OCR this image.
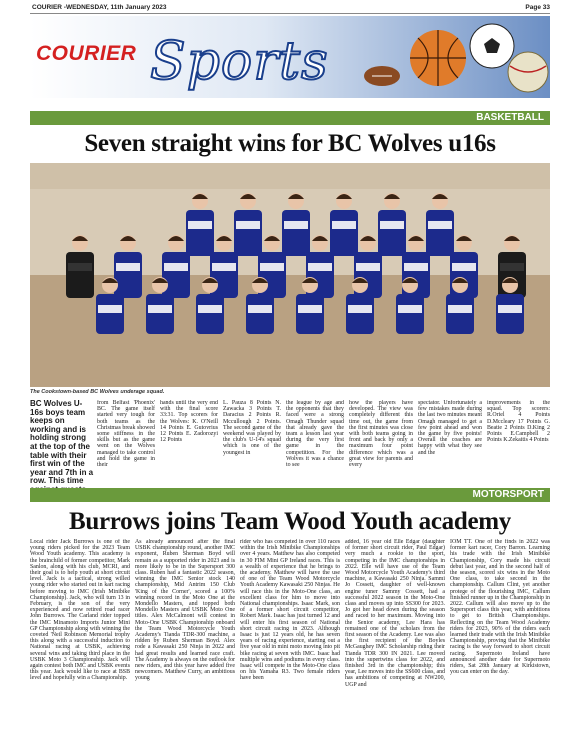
COURIER -WEDNESDAY, 11th January 2023	Page 33
COURIER Sports
BASKETBALL
Seven straight wins for BC Wolves u16s
The Cookstown-based BC Wolves underage squad.

BC Wolves U-16s boys team keeps on working and is holding strong at the top of the table with their first win of the year and 7th in a row. This time

from Belfast 'Phoenix' BC. The game itself started very tough for both teams as the Christmas break showed some stiffness in the skills but as the game went on the Wolves managed to take control and hold the game in their
hands until the very end with the final score 33:31. Top scorers for the Wolves: K. O'Neill 14 Points E. Gutovrius 12 Points E. Zadorozyi 12 Points
L. Pauza 8 Points N. Zawacka 3 Points T. Daracius 2 Points R. Mccullough 2 Points. The second game of the weekend was played by the club's U-14's squad which is one of the youngest in
the league by age and the opponents that they faced were a strong Omagh Thunder squad that already gave the team a lesson last year during the very first game in the competition. For the Wolves it was a chance to see
how the players have developed. The view was completely different this time out, the game from the first minutes was close with both teams going in front and back by only a maximum four point difference which was a great view for parents and every
spectator. Unfortunately a few mistakes made during the last two minutes meant Omagh managed to get a few point ahead and won the game by five points! Overall the coaches are happy with what they see and the
improvements in the squad. Top scorers: R.Oriel 4 Points D.Mccleary 17 Points G. Beatie 2 Points D.King 2 Points E.Campbell 2 Points K.Zekaitis 4 Points
MOTORSPORT
Burrows joins Team Wood Youth academy
Local rider Jack Burrows is one of the young riders picked for the 2023 Team Wood Youth academy. This academy is the brainchild of former competitor, Mark Sanlon, along with his club, MCRI, and their goal is to help youth at short circuit level. Jack is a tactical, strong willed young rider who started out in kart racing before moving to IMC (Irish Minibike Championship). Jack, who will turn 13 in February, is the son of the very experienced and now retired road racer John Burrows. The Carland rider topped the IMC Minamoto Imports Junior Mini GP Championship along with winning the coveted 'Neil Robinson Memorial trophy this along with a successful induction to National racing at USBK, achieving several wins and taking third place in the USBK Moto 3 Championship. Jack will again contest both IMC and USBK events this year. Jack would like to race at BSB level and hopefully win a Championship.
As already announced after the final USBK championship round, another IMC exponent, Ruben Sherman Boyd will remain as a supported rider in 2023 and is more likely to be in the Supersport 300 class. Ruben had a fantastic 2022 season, winning the IMC Senior stock 140 championship, Mid Antrim 150 Club 'King of the Corner', scored a 100% winning record in the Moto One at the Mondello Masters, and topped both Mondello Masters and USBK Moto One titles. Alex McCalmont will contest in Moto-One USBK Championship onboard the Team Wood Motorcycle Youth Academy's Tianda TDR-300 machine, a ridden by Ruben Sherman Boyd. Alex rode a Kawasaki 250 Ninja in 2022 and had great results and learned race craft. The Academy is always on the outlook for new riders, and this year have added five newcomers. Matthew Curry, an ambitious young
rider who has competed in over 110 races within the Irish Minibike Championships over 4 years. Matthew has also competed in 30 FIM Mini GP Ireland races. This is a wealth of experience that he brings to the academy. Matthew will have the use of one of the Team Wood Motorcycle Youth Academy Kawasaki 250 Ninjas. He will race this in the Moto-One class, an excellent class for him to move into National championships. Isaac Mark, son of a former short circuit competitor, Robert Mark. Isaac has just turned 12 and will enter his first season of National short circuit racing in 2023. Although Isaac is just 12 years old, he has seven years of racing experience, starting out a five year old in mini moto moving into pit bike racing at seven with IMC. Isaac had multiple wins and podiums in every class. Isaac will compete in the Moto-One class on his Yamaha R3. Two female riders have been
added, 16 year old Elle Edgar (daughter of former short circuit rider, Paul Edgar) very much a rookie to the sport, competing in the IMC championships in 2022. Elle will have use of the Team Wood Motorcycle Youth Academy's third machine, a Kawasaki 250 Ninja. Sammi Jo Cossett, daughter of well-known engine tuner Sammy Cossett, had a successful 2022 season in the Moto-One class and moves up into SS300 for 2023. Jo got her head down during the season and raced to her maximum. Moving into the Senior academy, Lee Hara has remained one of the scholars from the first season of the Academy. Lee was also the first recipient of the Boyles McGaughey IMC Scholarship riding their Tianda TDR 300 IN 2021. Lee moved into the supertwins class for 2022, and finished 3rd in the championship; this year, Lee moves into the SS600 class, and has ambitions of competing at NW200, UGP and
IOM TT. One of the finds in 2022 was former kart racer, Cory Barron. Learning his trade with the Irish Minibike Championship, Cory made his circuit debut last year, and in the second half of the season, scored six wins in the Moto One class, to take second in the championship. Callum Clint, yet another protege of the flourishing IMC, Callum finished runner up in the Championship in 2022. Callum will also move up to the Supersport class this year, with ambitions to get to British Championships. Reflecting on the Team Wood Academy riders for 2023, 90% of the riders each learned their trade with the Irish Minibike Championship, proving that the Minibike racing is the way forward to short circuit racing. Supermoto Ireland have announced another date for Supermoto riders, Sat 28th January at Kirkistown, you can enter on the day.
